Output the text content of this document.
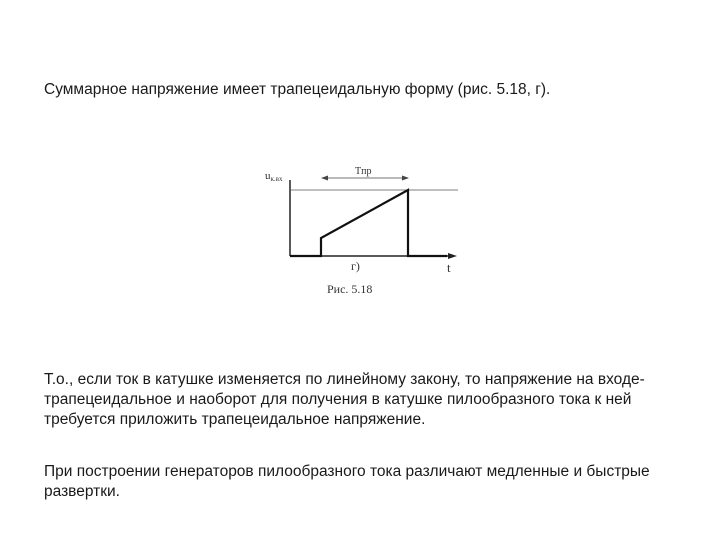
Суммарное напряжение имеет трапецеидальную форму (рис. 5.18, г).

uк.вх
Tпр
t
г)
Рис. 5.18

Т.о., если ток в катушке изменяется по линейному закону, то напряжение на входе- трапецеидальное и наоборот для получения в катушке пилообразного тока к ней требуется приложить трапецеидальное напряжение.

При построении генераторов пилообразного тока различают медленные и быстрые развертки.
